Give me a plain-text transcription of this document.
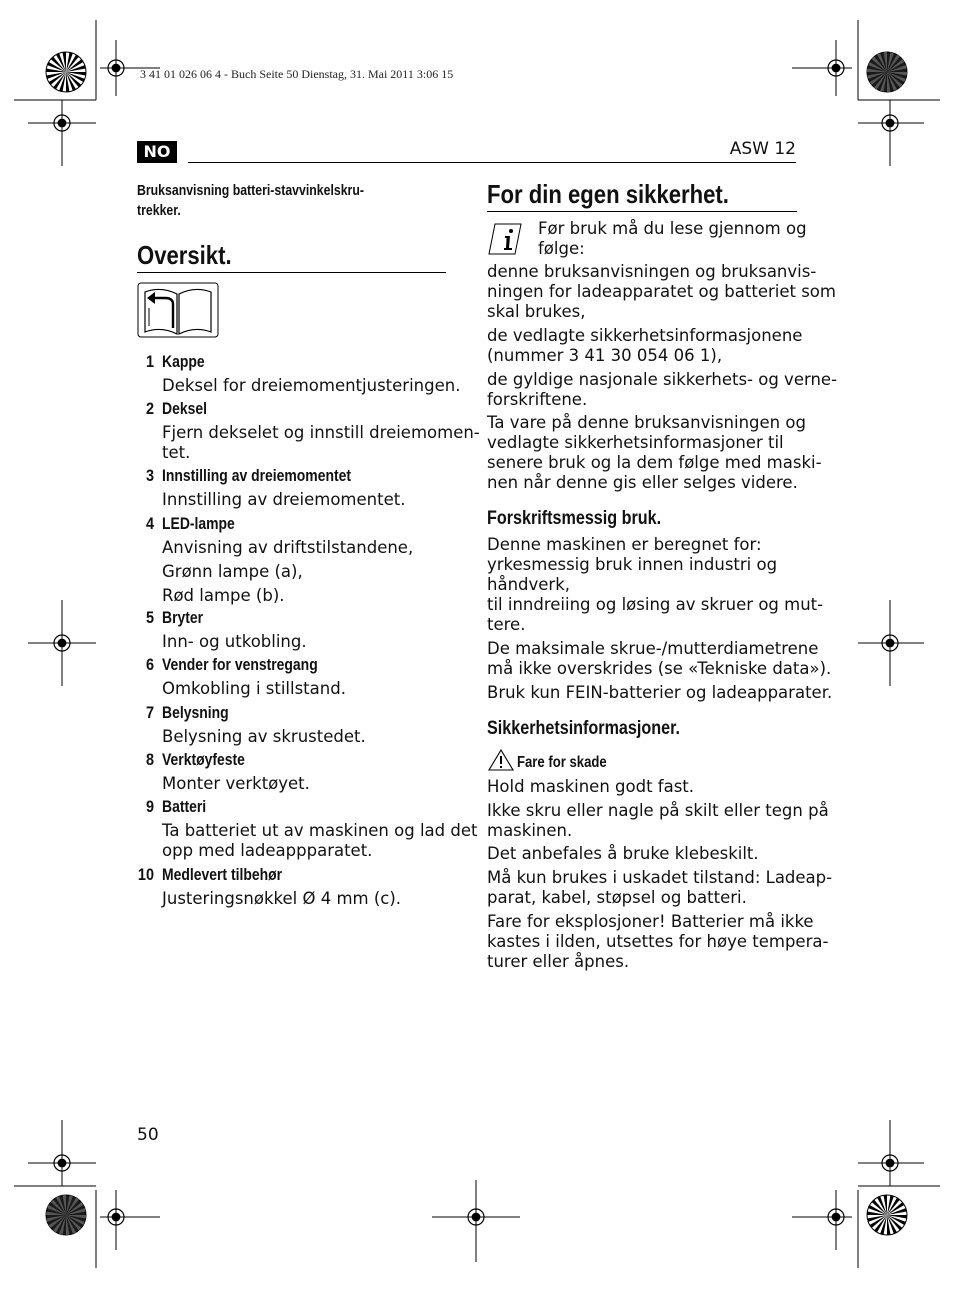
3 41 01 026 06 4 - Buch Seite 50 Dienstag, 31. Mai 2011 3:06 15
NO	ASW 12
Bruksanvisning batteri-stavvinkelskru-
trekker.
Oversikt.
For din egen sikkerhet.
50
1 Kappe
Deksel for dreiemomentjusteringen.
2 Deksel
Fjern dekselet og innstill dreiemomen-
tet.
3 Innstilling av dreiemomentet
Innstilling av dreiemomentet.
4 LED-lampe
Anvisning av driftstilstandene,
Grønn lampe (a),
Rød lampe (b).
5 Bryter
Inn- og utkobling.
6 Vender for venstregang
Omkobling i stillstand.
7 Belysning
Belysning av skrustedet.
8 Verktøyfeste
Monter verktøyet.
9 Batteri
Ta batteriet ut av maskinen og lad det
opp med ladeappparatet.
10 Medlevert tilbehør
Justeringsnøkkel Ø 4 mm (c).
Før bruk må du lese gjennom og
følge:
denne bruksanvisningen og bruksanvis-
ningen for ladeapparatet og batteriet som
skal brukes,
de vedlagte sikkerhetsinformasjonene
(nummer 3 41 30 054 06 1),
de gyldige nasjonale sikkerhets- og verne-
forskriftene.
Ta vare på denne bruksanvisningen og
vedlagte sikkerhetsinformasjoner til
senere bruk og la dem følge med maski-
nen når denne gis eller selges videre.
Forskriftsmessig bruk.
Denne maskinen er beregnet for:
yrkesmessig bruk innen industri og
håndverk,
til inndreiing og løsing av skruer og mut-
tere.
De maksimale skrue-/mutterdiametrene
må ikke overskrides (se «Tekniske data»).
Bruk kun FEIN-batterier og ladeapparater.
Sikkerhetsinformasjoner.
Fare for skade
Hold maskinen godt fast.
Ikke skru eller nagle på skilt eller tegn på
maskinen.
Det anbefales å bruke klebeskilt.
Må kun brukes i uskadet tilstand: Ladeap-
parat, kabel, støpsel og batteri.
Fare for eksplosjoner! Batterier må ikke
kastes i ilden, utsettes for høye tempera-
turer eller åpnes.
